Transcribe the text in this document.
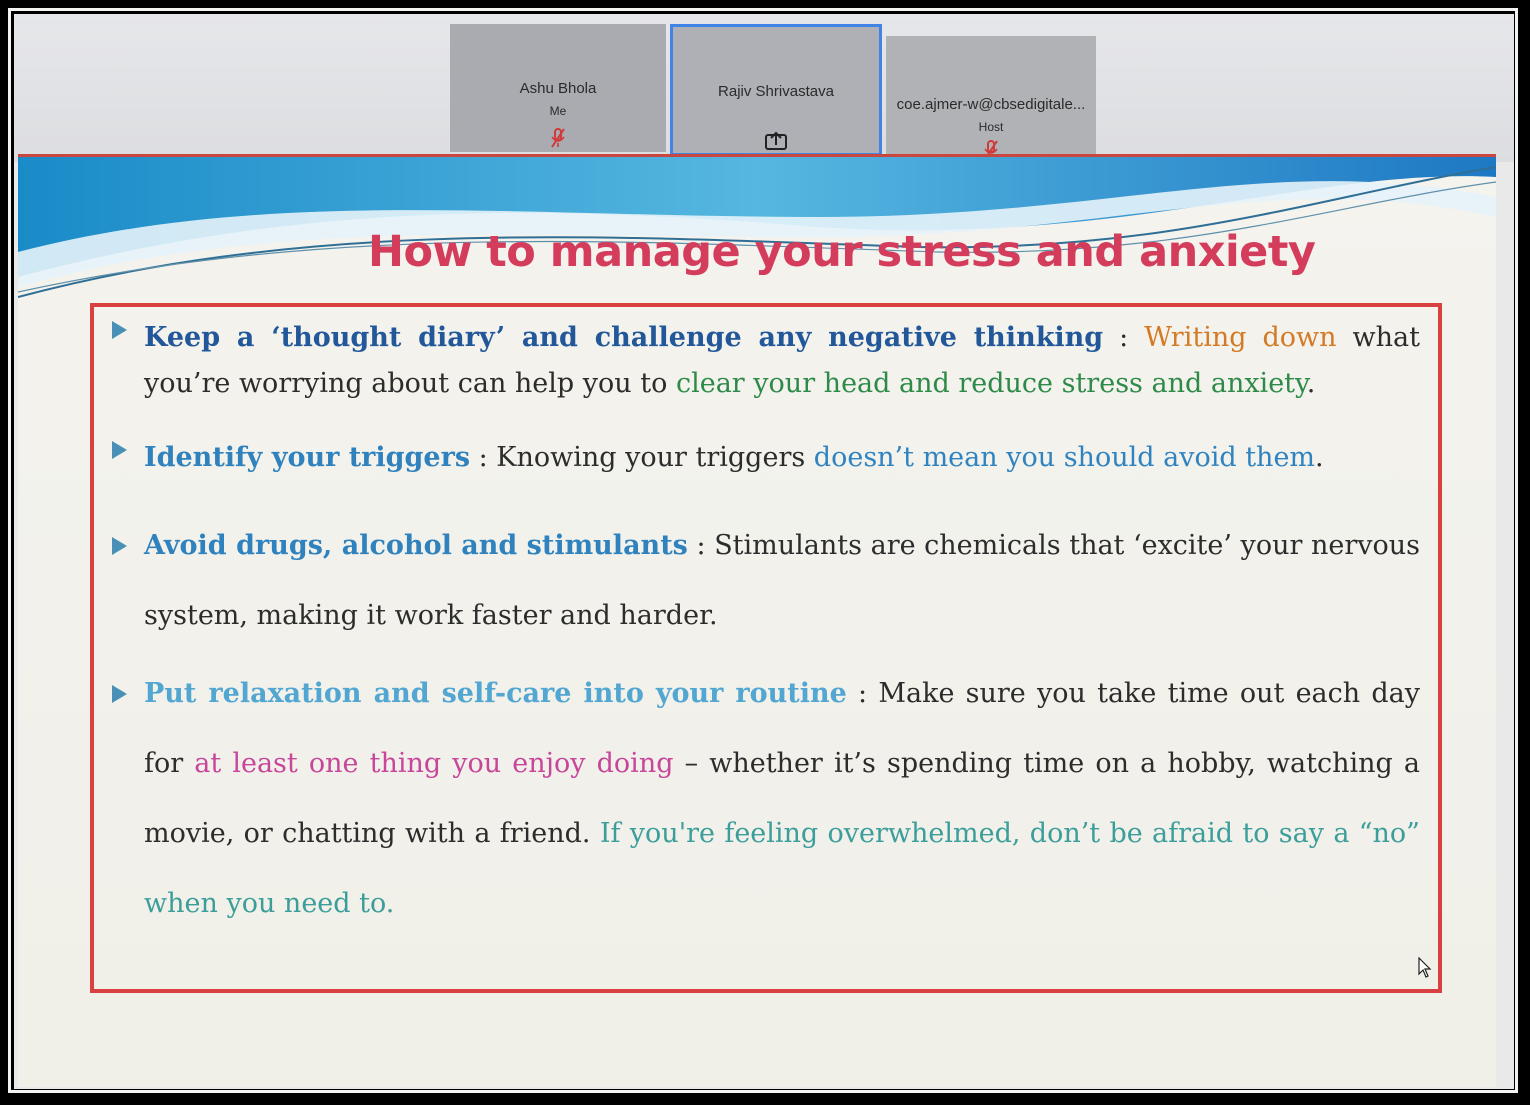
Ashu Bhola
Me
Rajiv Shrivastava
coe.ajmer-w@cbsedigitale...
Host
How to manage your stress and anxiety
Keep a ‘thought diary’ and challenge any negative thinking : Writing down what you’re worrying about can help you to clear your head and reduce stress and anxiety.
Identify your triggers : Knowing your triggers doesn’t mean you should avoid them.
Avoid drugs, alcohol and stimulants : Stimulants are chemicals that ‘excite’ your nervous system, making it work faster and harder.
Put relaxation and self-care into your routine : Make sure you take time out each day for at least one thing you enjoy doing – whether it’s spending time on a hobby, watching a movie, or chatting with a friend. If you're feeling overwhelmed, don’t be afraid to say a “no” when you need to.
